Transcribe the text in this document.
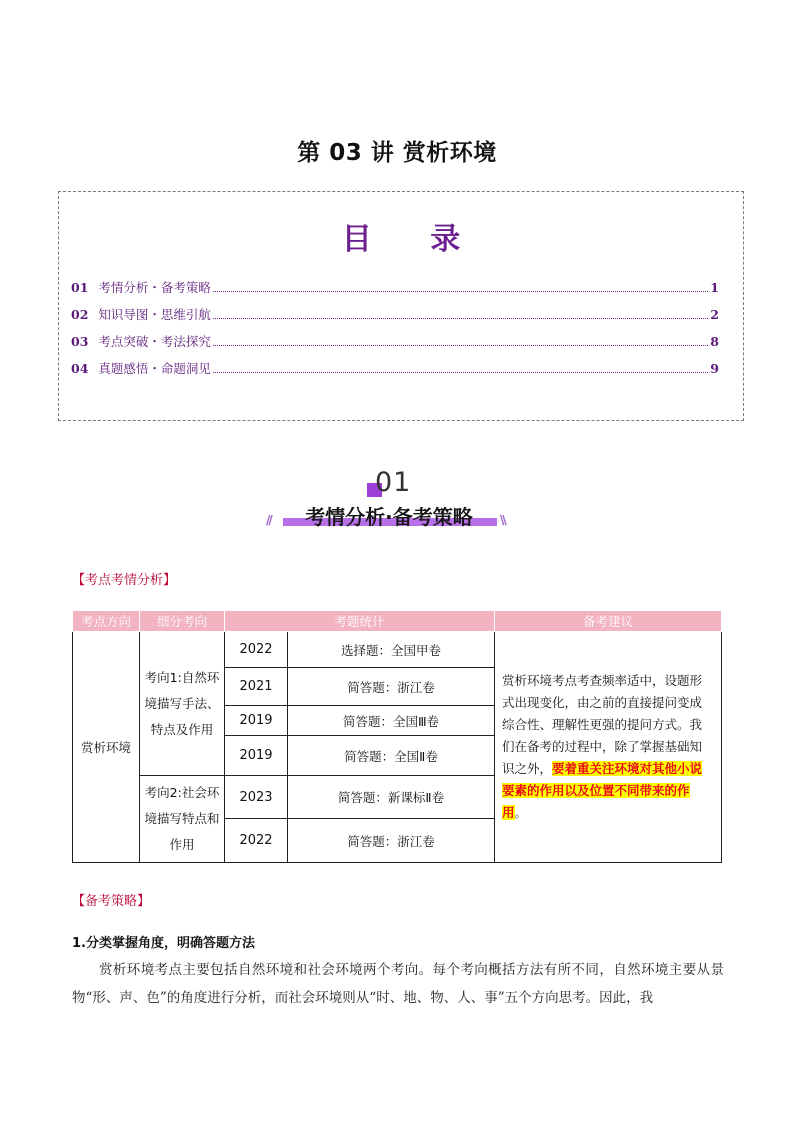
第 03 讲 赏析环境
目 录
01 考情分析・备考策略	1
02 知识导图・思维引航	2
03 考点突破・考法探究	8
04 真题感悟・命题洞见	9
01
//	考情分析·备考策略	\\
【考点考情分析】
考点方向	细分考向	考题统计		备考建议
赏析环境	考向1:自然环境描写手法、特点及作用	2022	选择题：全国甲卷	赏析环境考点考查频率适中，设题形式出现变化，由之前的直接提问变成综合性、理解性更强的提问方式。我们在备考的过程中，除了掌握基础知识之外，要着重关注环境对其他小说要素的作用以及位置不同带来的作用。
		2021	简答题：浙江卷	
		2019	简答题：全国Ⅲ卷	
		2019	简答题：全国Ⅱ卷	
	考向2:社会环境描写特点和作用	2023	简答题：新课标Ⅱ卷	
		2022	简答题：浙江卷	
【备考策略】
1.分类掌握角度，明确答题方法
赏析环境考点主要包括自然环境和社会环境两个考向。每个考向概括方法有所不同，自然环境主要从景物“形、声、色”的角度进行分析，而社会环境则从“时、地、物、人、事”五个方向思考。因此，我
